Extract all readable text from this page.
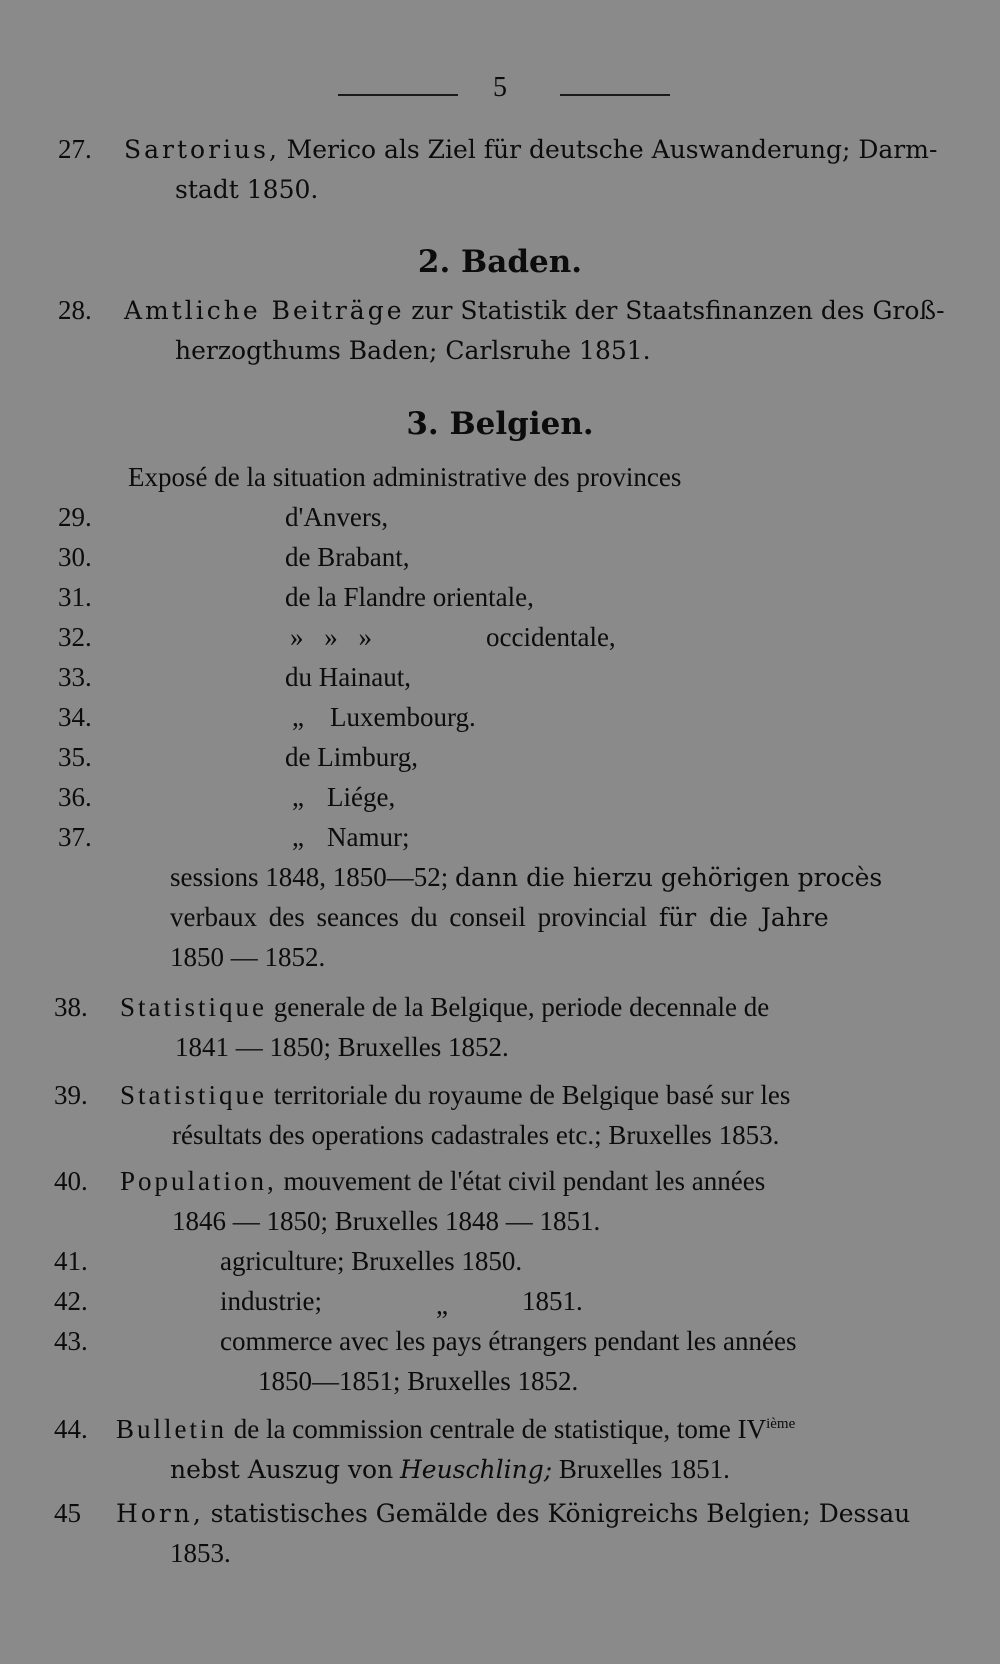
5
27. Sartorius, Merico als Ziel für deutsche Auswanderung; Darm-
stadt 1850.
2. Baden.
28. Amtliche Beiträge zur Statistik der Staatsfinanzen des Groß-
herzogthums Baden; Carlsruhe 1851.
3. Belgien.
Exposé de la situation administrative des provinces
29.	d'Anvers,
30.	de Brabant,
31.	de la Flandre orientale,
32.	» » »	occidentale,
33.	du Hainaut,
34.	„ Luxembourg.
35.	de Limburg,
36.	„ Liége,
37.	„ Namur;
sessions 1848, 1850—52; dann die hierzu gehörigen procès
verbaux des seances du conseil provincial für die Jahre
1850 — 1852.
38. Statistique generale de la Belgique, periode decennale de
1841 — 1850; Bruxelles 1852.
39. Statistique territoriale du royaume de Belgique basé sur les
résultats des operations cadastrales etc.; Bruxelles 1853.
40. Population, mouvement de l'état civil pendant les années
1846 — 1850; Bruxelles 1848 — 1851.
41.	agriculture; Bruxelles 1850.
42.	industrie;	„	1851.
43.	commerce avec les pays étrangers pendant les années
1850—1851; Bruxelles 1852.
44. Bulletin de la commission centrale de statistique, tome IVième
nebst Auszug von Heuschling; Bruxelles 1851.
45 Horn, statistisches Gemälde des Königreichs Belgien; Dessau
1853.
